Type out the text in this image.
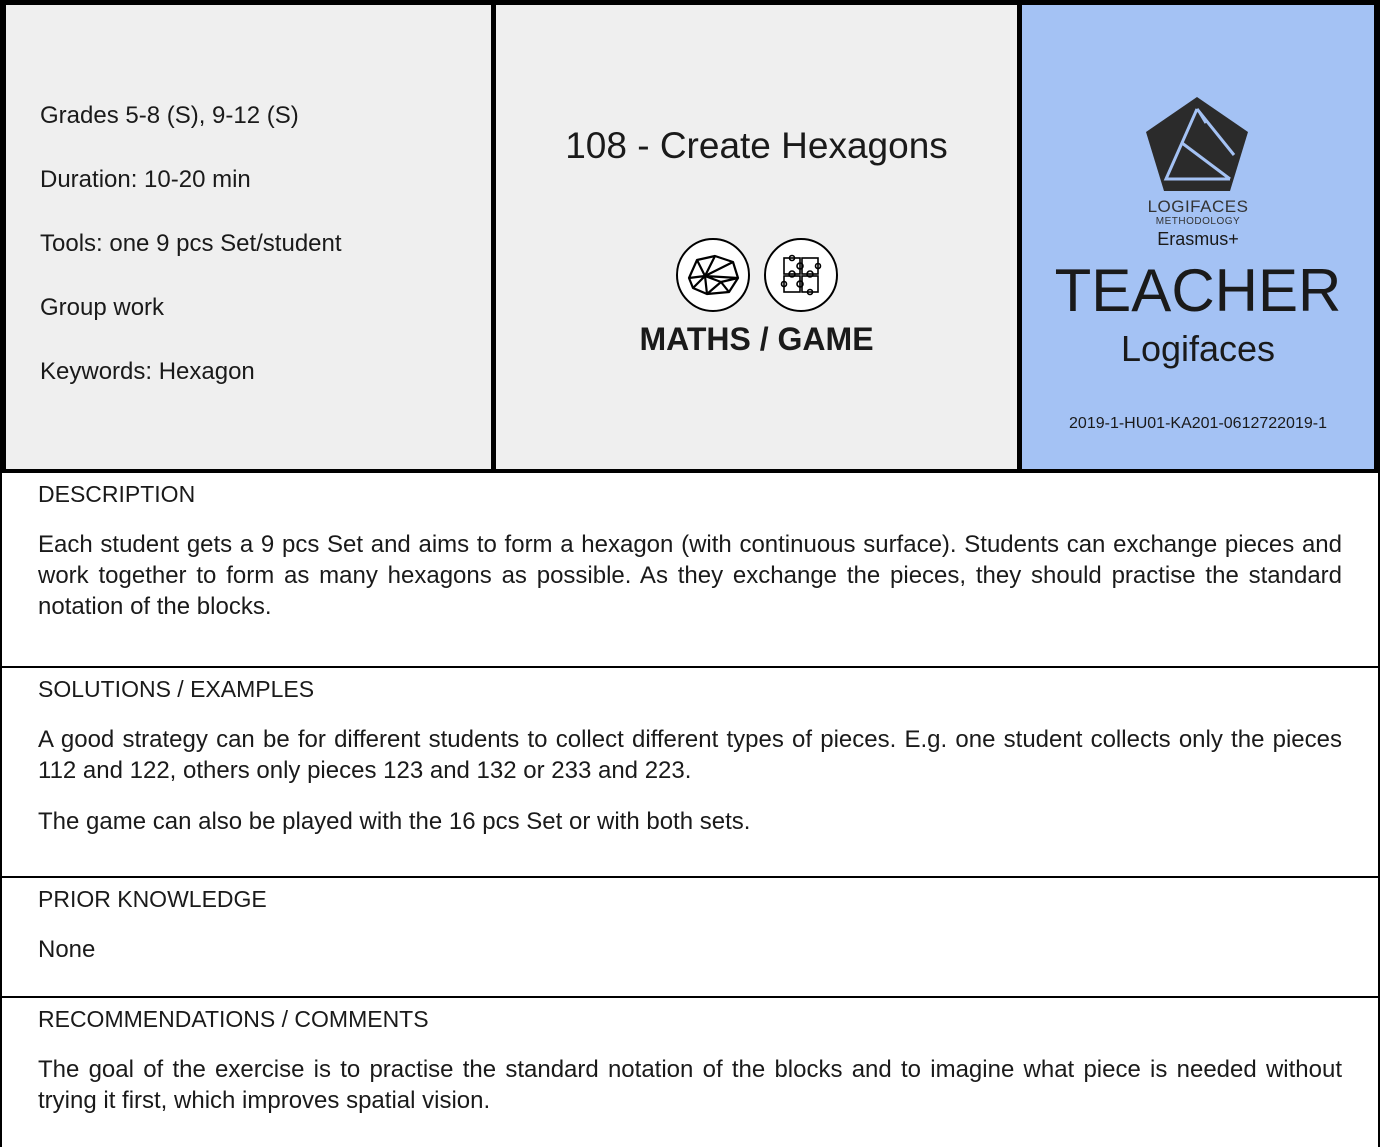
Grades 5-8 (S), 9-12 (S)
Duration: 10-20 min
Tools: one 9 pcs Set/student
Group work
Keywords: Hexagon
108 - Create Hexagons
MATHS / GAME
LOGIFACES
METHODOLOGY
Erasmus+
TEACHER
Logifaces
2019-1-HU01-KA201-0612722019-1
DESCRIPTION

Each student gets a 9 pcs Set and aims to form a hexagon (with continuous surface). Students can exchange pieces and work together to form as many hexagons as possible. As they exchange the pieces, they should practise the standard notation of the blocks.

SOLUTIONS / EXAMPLES

A good strategy can be for different students to collect different types of pieces. E.g. one student collects only the pieces 112 and 122, others only pieces 123 and 132 or 233 and 223.

The game can also be played with the 16 pcs Set or with both sets.

PRIOR KNOWLEDGE

None

RECOMMENDATIONS / COMMENTS

The goal of the exercise is to practise the standard notation of the blocks and to imagine what piece is needed without trying it first, which improves spatial vision.
